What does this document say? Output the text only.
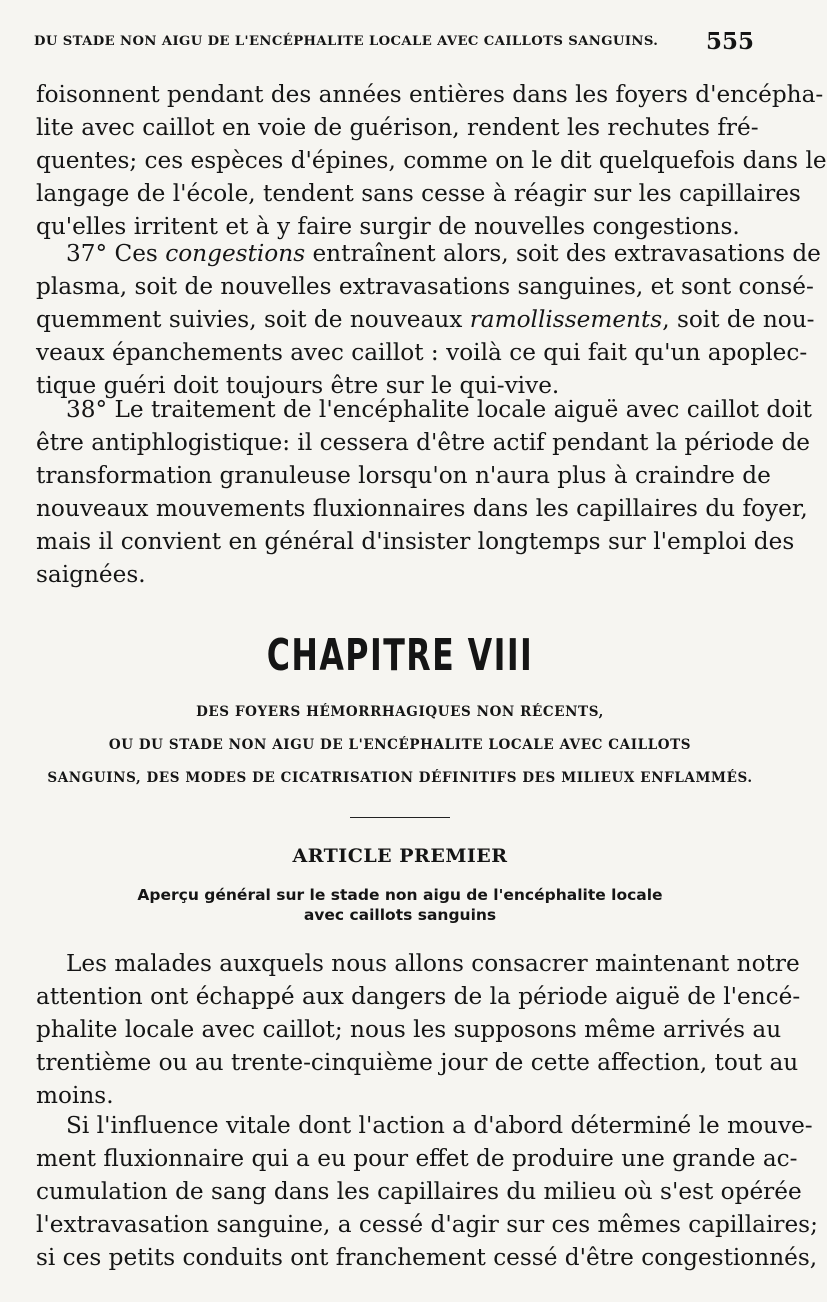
DU STADE NON AIGU DE L'ENCÉPHALITE LOCALE AVEC CAILLOTS SANGUINS.	555
foisonnent pendant des années entières dans les foyers d'encépha-
lite avec caillot en voie de guérison, rendent les rechutes fré-
quentes; ces espèces d'épines, comme on le dit quelquefois dans le
langage de l'école, tendent sans cesse à réagir sur les capillaires
qu'elles irritent et à y faire surgir de nouvelles congestions.
37° Ces congestions entraînent alors, soit des extravasations de
plasma, soit de nouvelles extravasations sanguines, et sont consé-
quemment suivies, soit de nouveaux ramollissements, soit de nou-
veaux épanchements avec caillot : voilà ce qui fait qu'un apoplec-
tique guéri doit toujours être sur le qui-vive.
38° Le traitement de l'encéphalite locale aiguë avec caillot doit
être antiphlogistique: il cessera d'être actif pendant la période de
transformation granuleuse lorsqu'on n'aura plus à craindre de
nouveaux mouvements fluxionnaires dans les capillaires du foyer,
mais il convient en général d'insister longtemps sur l'emploi des
saignées.
CHAPITRE VIII
DES FOYERS HÉMORRHAGIQUES NON RÉCENTS,
OU DU STADE NON AIGU DE L'ENCÉPHALITE LOCALE AVEC CAILLOTS
SANGUINS, DES MODES DE CICATRISATION DÉFINITIFS DES MILIEUX ENFLAMMÉS.
ARTICLE PREMIER
Aperçu général sur le stade non aigu de l'encéphalite locale
avec caillots sanguins
Les malades auxquels nous allons consacrer maintenant notre
attention ont échappé aux dangers de la période aiguë de l'encé-
phalite locale avec caillot; nous les supposons même arrivés au
trentième ou au trente-cinquième jour de cette affection, tout au
moins.
Si l'influence vitale dont l'action a d'abord déterminé le mouve-
ment fluxionnaire qui a eu pour effet de produire une grande ac-
cumulation de sang dans les capillaires du milieu où s'est opérée
l'extravasation sanguine, a cessé d'agir sur ces mêmes capillaires;
si ces petits conduits ont franchement cessé d'être congestionnés,
